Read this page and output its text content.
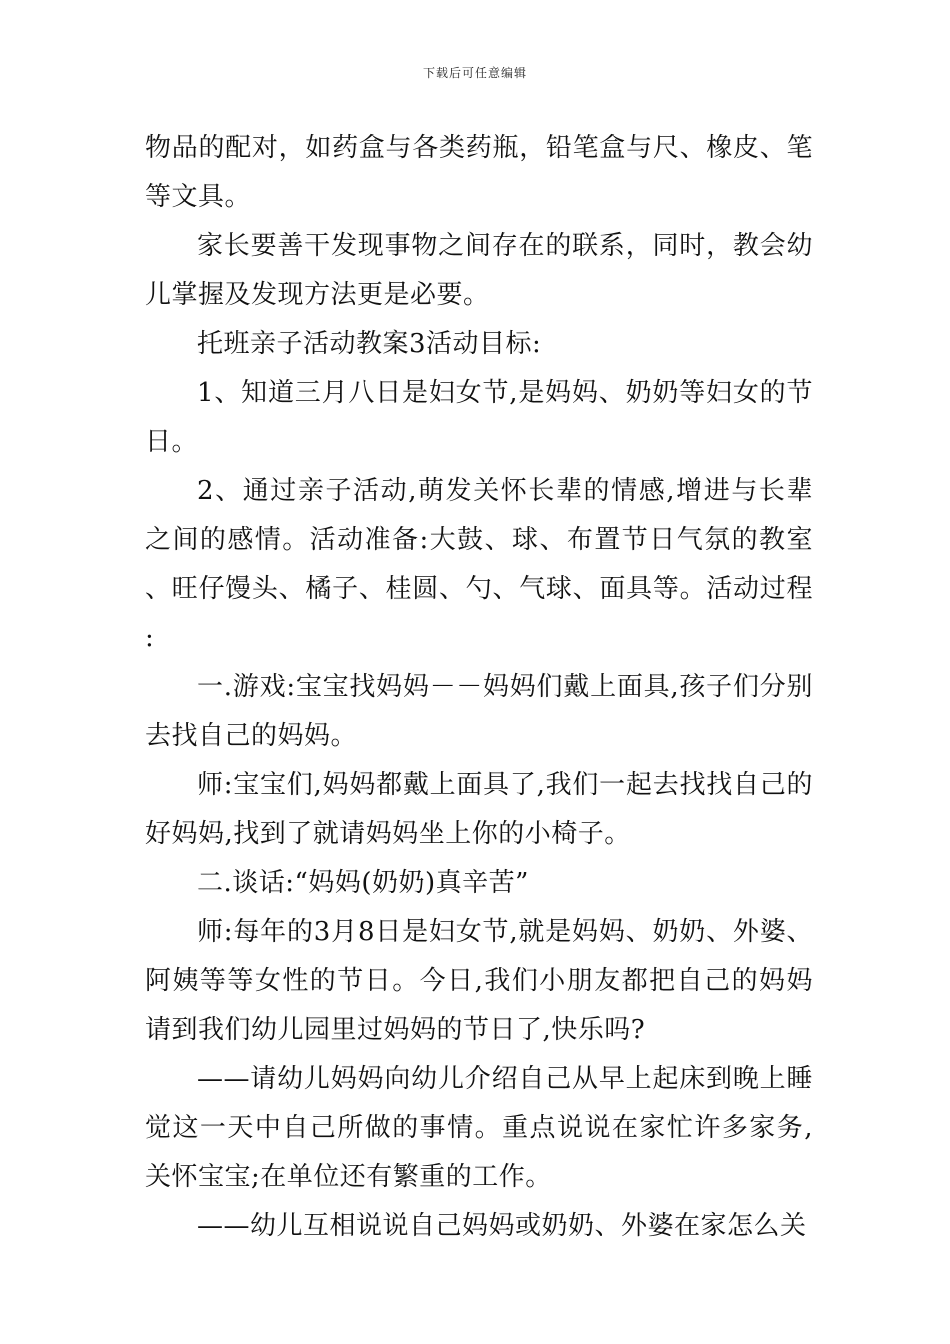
下载后可任意编辑

物品的配对，如药盒与各类药瓶，铅笔盒与尺、橡皮、笔等文具。

家长要善干发现事物之间存在的联系，同时，教会幼儿掌握及发现方法更是必要。

托班亲子活动教案3活动目标:

1、知道三月八日是妇女节,是妈妈、奶奶等妇女的节日。

2、通过亲子活动,萌发关怀长辈的情感,增进与长辈之间的感情。活动准备:大鼓、球、布置节日气氛的教室、旺仔馒头、橘子、桂圆、勺、气球、面具等。活动过程:

一.游戏:宝宝找妈妈－－妈妈们戴上面具,孩子们分别去找自己的妈妈。

师:宝宝们,妈妈都戴上面具了,我们一起去找找自己的好妈妈,找到了就请妈妈坐上你的小椅子。

二.谈话:“妈妈(奶奶)真辛苦”

师:每年的3月8日是妇女节,就是妈妈、奶奶、外婆、阿姨等等女性的节日。今日,我们小朋友都把自己的妈妈请到我们幼儿园里过妈妈的节日了,快乐吗?

——请幼儿妈妈向幼儿介绍自己从早上起床到晚上睡觉这一天中自己所做的事情。重点说说在家忙许多家务,关怀宝宝;在单位还有繁重的工作。

——幼儿互相说说自己妈妈或奶奶、外婆在家怎么关
